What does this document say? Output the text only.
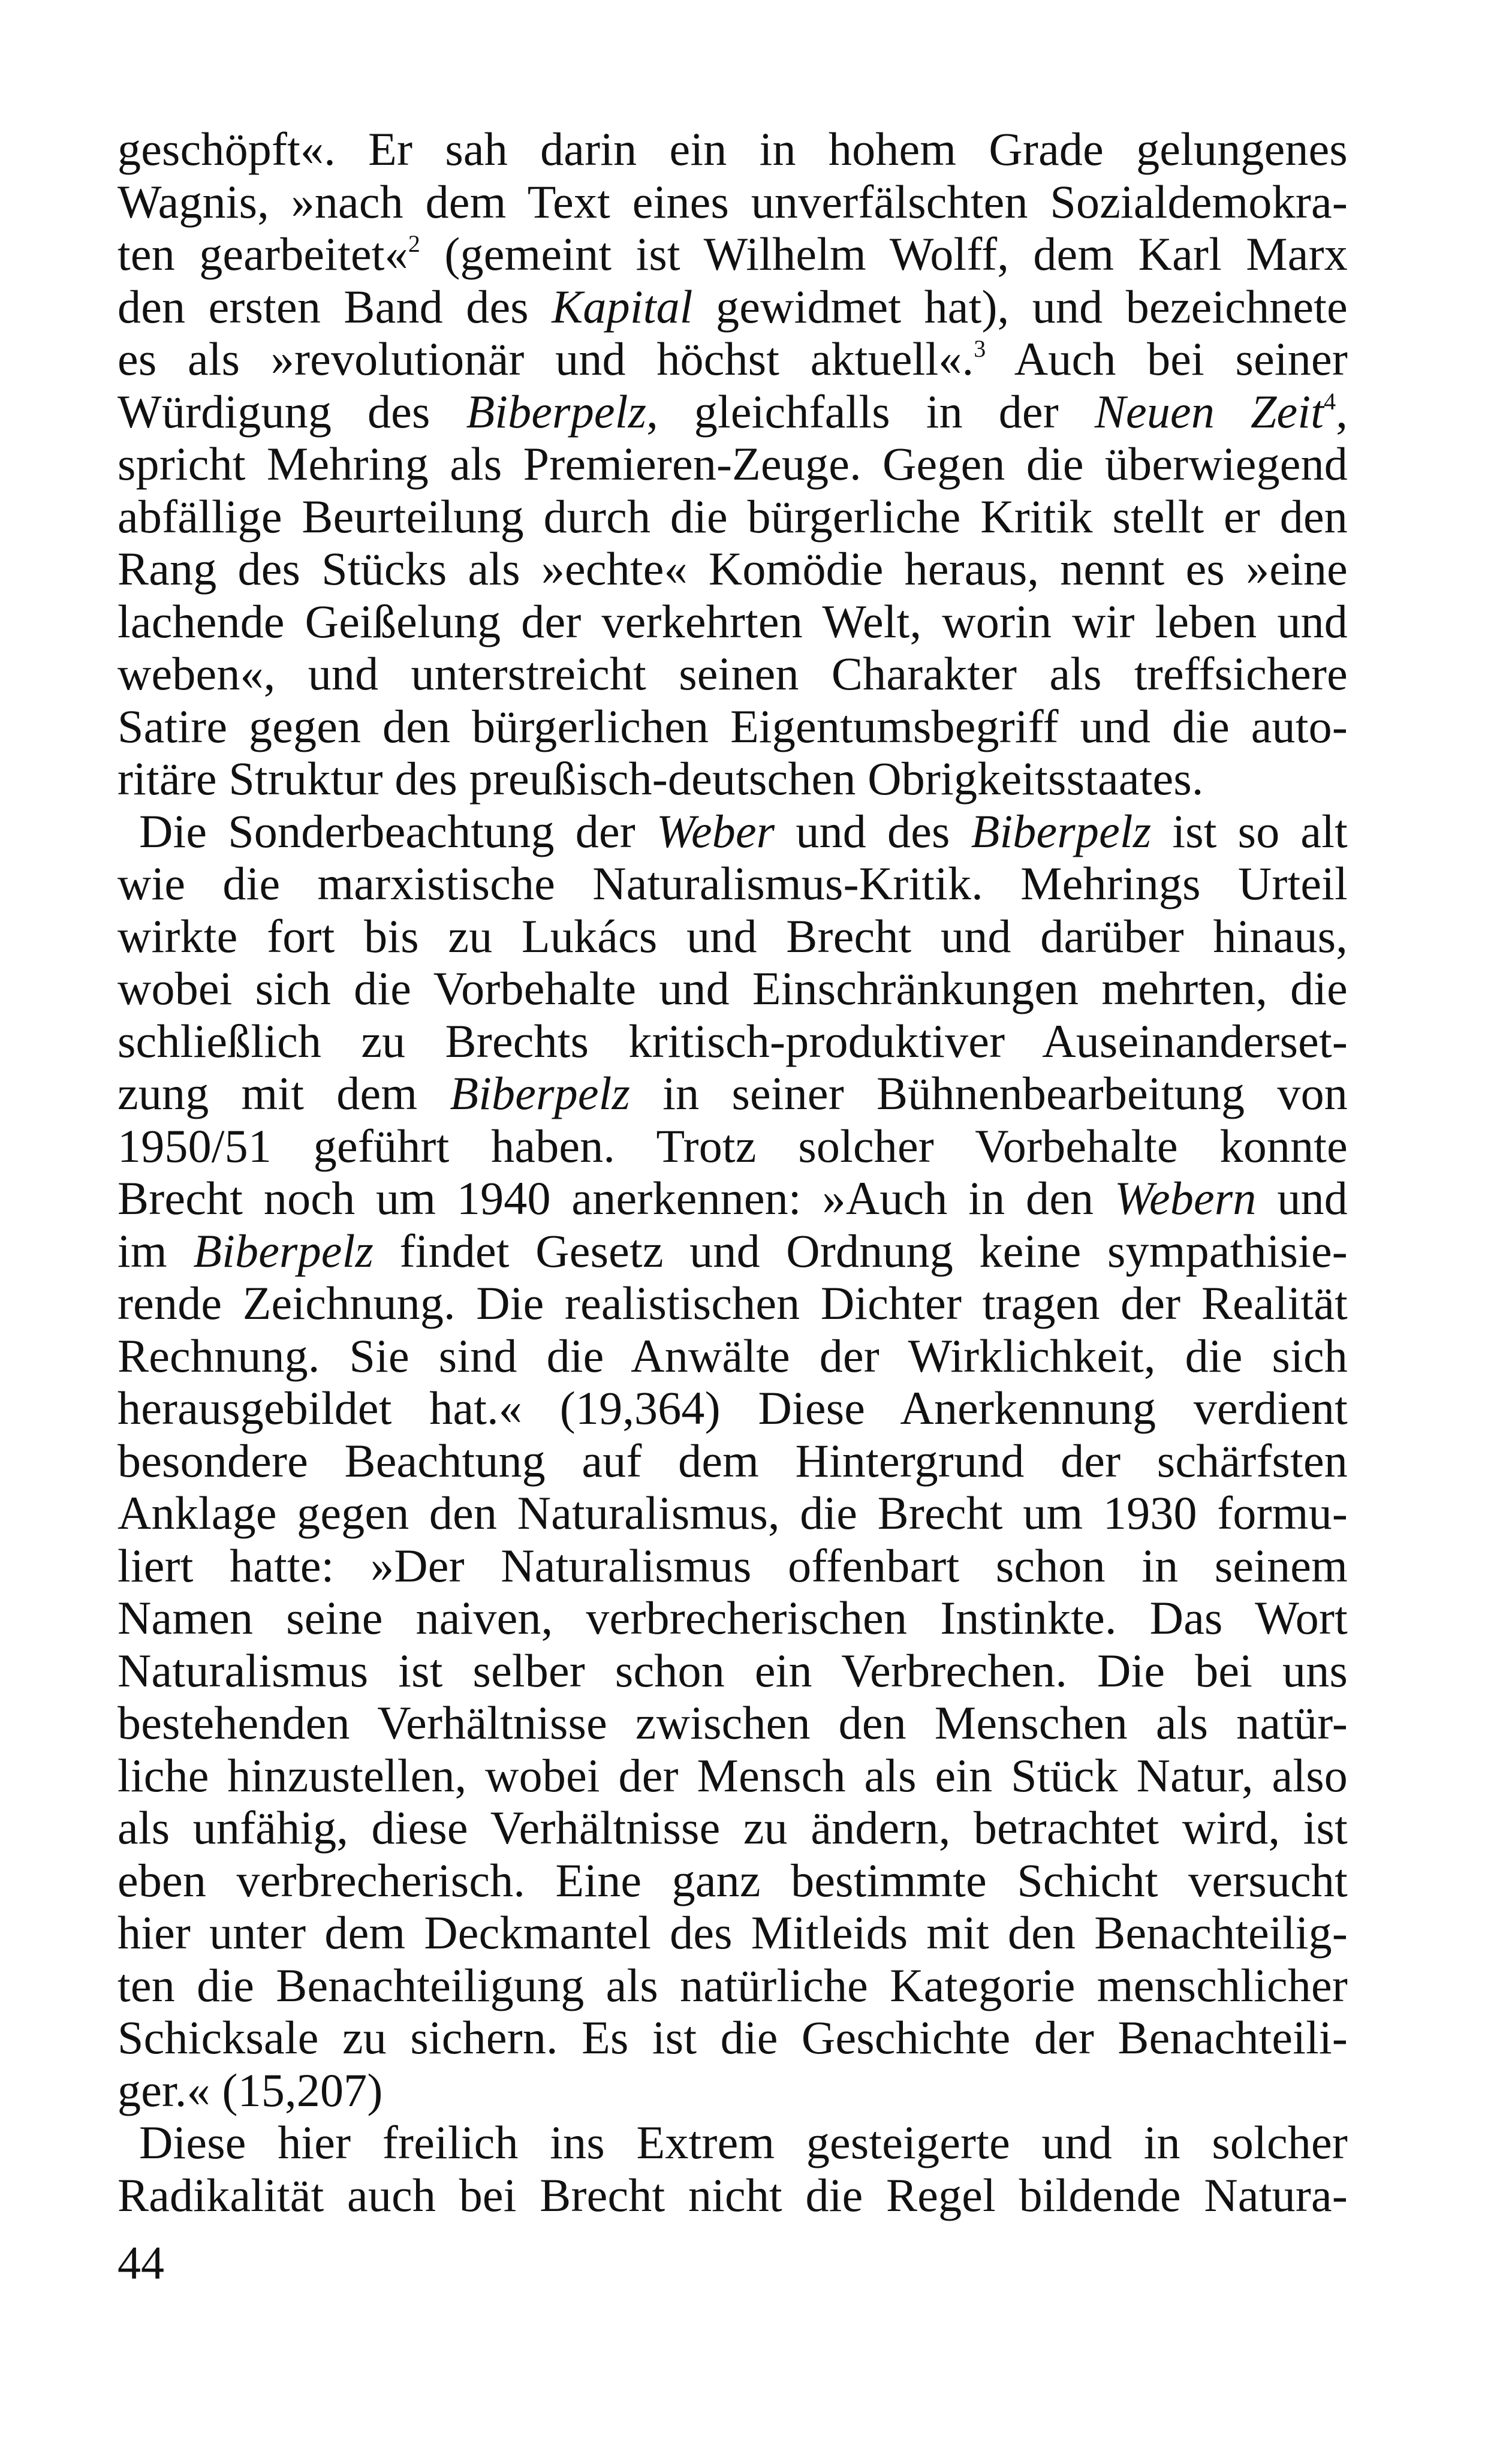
geschöpft«. Er sah darin ein in hohem Grade gelungenes
Wagnis, »nach dem Text eines unverfälschten Sozialdemokra-
ten gearbeitet«$^2$ (gemeint ist Wilhelm Wolff, dem Karl Marx
den ersten Band des Kapital gewidmet hat), und bezeichnete
es als »revolutionär und höchst aktuell«.$^3$ Auch bei seiner
Würdigung des Biberpelz, gleichfalls in der Neuen Zeit$^4$,
spricht Mehring als Premieren-Zeuge. Gegen die überwiegend
abfällige Beurteilung durch die bürgerliche Kritik stellt er den
Rang des Stücks als »echte« Komödie heraus, nennt es »eine
lachende Geißelung der verkehrten Welt, worin wir leben und
weben«, und unterstreicht seinen Charakter als treffsichere
Satire gegen den bürgerlichen Eigentumsbegriff und die auto-
ritäre Struktur des preußisch-deutschen Obrigkeitsstaates.
Die Sonderbeachtung der Weber und des Biberpelz ist so alt
wie die marxistische Naturalismus-Kritik. Mehrings Urteil
wirkte fort bis zu Lukács und Brecht und darüber hinaus,
wobei sich die Vorbehalte und Einschränkungen mehrten, die
schließlich zu Brechts kritisch-produktiver Auseinanderset-
zung mit dem Biberpelz in seiner Bühnenbearbeitung von
1950/51 geführt haben. Trotz solcher Vorbehalte konnte
Brecht noch um 1940 anerkennen: »Auch in den Webern und
im Biberpelz findet Gesetz und Ordnung keine sympathisie-
rende Zeichnung. Die realistischen Dichter tragen der Realität
Rechnung. Sie sind die Anwälte der Wirklichkeit, die sich
herausgebildet hat.« (19,364) Diese Anerkennung verdient
besondere Beachtung auf dem Hintergrund der schärfsten
Anklage gegen den Naturalismus, die Brecht um 1930 formu-
liert hatte: »Der Naturalismus offenbart schon in seinem
Namen seine naiven, verbrecherischen Instinkte. Das Wort
Naturalismus ist selber schon ein Verbrechen. Die bei uns
bestehenden Verhältnisse zwischen den Menschen als natür-
liche hinzustellen, wobei der Mensch als ein Stück Natur, also
als unfähig, diese Verhältnisse zu ändern, betrachtet wird, ist
eben verbrecherisch. Eine ganz bestimmte Schicht versucht
hier unter dem Deckmantel des Mitleids mit den Benachteilig-
ten die Benachteiligung als natürliche Kategorie menschlicher
Schicksale zu sichern. Es ist die Geschichte der Benachteili-
ger.« (15,207)
Diese hier freilich ins Extrem gesteigerte und in solcher
Radikalität auch bei Brecht nicht die Regel bildende Natura-
44
